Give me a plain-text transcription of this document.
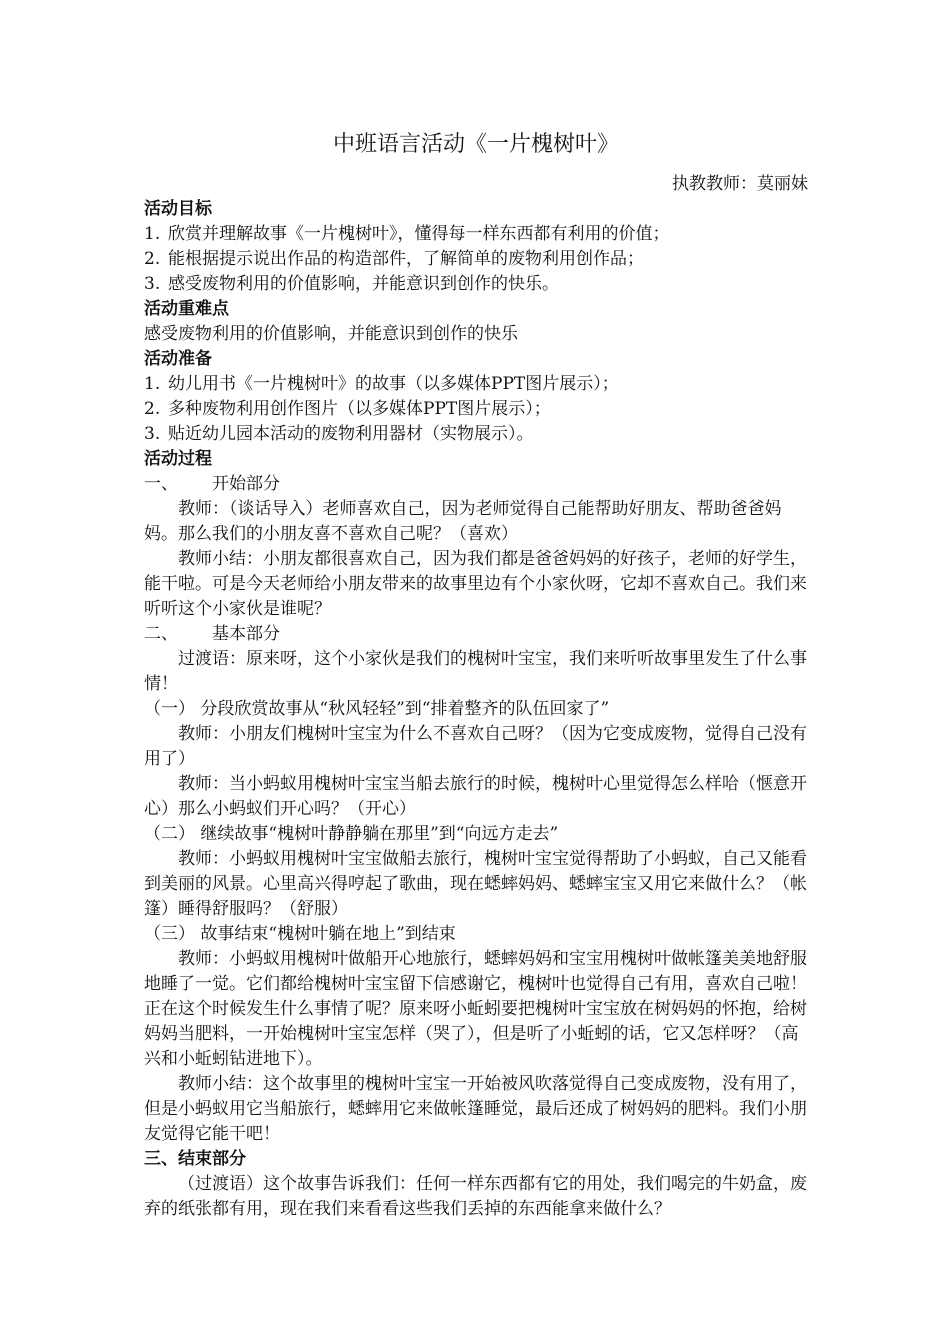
中班语言活动《一片槐树叶》

执教教师：莫丽妹

活动目标

1. 欣赏并理解故事《一片槐树叶》，懂得每一样东西都有利用的价值；

2. 能根据提示说出作品的构造部件，了解简单的废物利用创作品；

3. 感受废物利用的价值影响，并能意识到创作的快乐。

活动重难点

感受废物利用的价值影响，并能意识到创作的快乐

活动准备

1. 幼儿用书《一片槐树叶》的故事（以多媒体PPT图片展示）；

2. 多种废物利用创作图片（以多媒体PPT图片展示）；

3. 贴近幼儿园本活动的废物利用器材（实物展示）。

活动过程

一、 开始部分

教师：（谈话导入）老师喜欢自己，因为老师觉得自己能帮助好朋友、帮助爸爸妈妈。那么我们的小朋友喜不喜欢自己呢？（喜欢）

教师小结：小朋友都很喜欢自己，因为我们都是爸爸妈妈的好孩子，老师的好学生，能干啦。可是今天老师给小朋友带来的故事里边有个小家伙呀，它却不喜欢自己。我们来听听这个小家伙是谁呢？

二、 基本部分

过渡语：原来呀，这个小家伙是我们的槐树叶宝宝，我们来听听故事里发生了什么事情！

（一） 分段欣赏故事从“秋风轻轻”到“排着整齐的队伍回家了”

教师：小朋友们槐树叶宝宝为什么不喜欢自己呀？（因为它变成废物，觉得自己没有用了）

教师：当小蚂蚁用槐树叶宝宝当船去旅行的时候，槐树叶心里觉得怎么样哈（惬意开心）那么小蚂蚁们开心吗？（开心）

（二） 继续故事“槐树叶静静躺在那里”到“向远方走去”

教师：小蚂蚁用槐树叶宝宝做船去旅行，槐树叶宝宝觉得帮助了小蚂蚁，自己又能看到美丽的风景。心里高兴得哼起了歌曲，现在蟋蟀妈妈、蟋蟀宝宝又用它来做什么？（帐篷）睡得舒服吗？（舒服）

（三） 故事结束“槐树叶躺在地上”到结束

教师：小蚂蚁用槐树叶做船开心地旅行，蟋蟀妈妈和宝宝用槐树叶做帐篷美美地舒服地睡了一觉。它们都给槐树叶宝宝留下信感谢它，槐树叶也觉得自己有用，喜欢自己啦！正在这个时候发生什么事情了呢？原来呀小蚯蚓要把槐树叶宝宝放在树妈妈的怀抱，给树妈妈当肥料，一开始槐树叶宝宝怎样（哭了），但是听了小蚯蚓的话，它又怎样呀？（高兴和小蚯蚓钻进地下）。

教师小结：这个故事里的槐树叶宝宝一开始被风吹落觉得自己变成废物，没有用了，但是小蚂蚁用它当船旅行，蟋蟀用它来做帐篷睡觉，最后还成了树妈妈的肥料。我们小朋友觉得它能干吧！

三、结束部分

（过渡语）这个故事告诉我们：任何一样东西都有它的用处，我们喝完的牛奶盒，废弃的纸张都有用，现在我们来看看这些我们丢掉的东西能拿来做什么？
